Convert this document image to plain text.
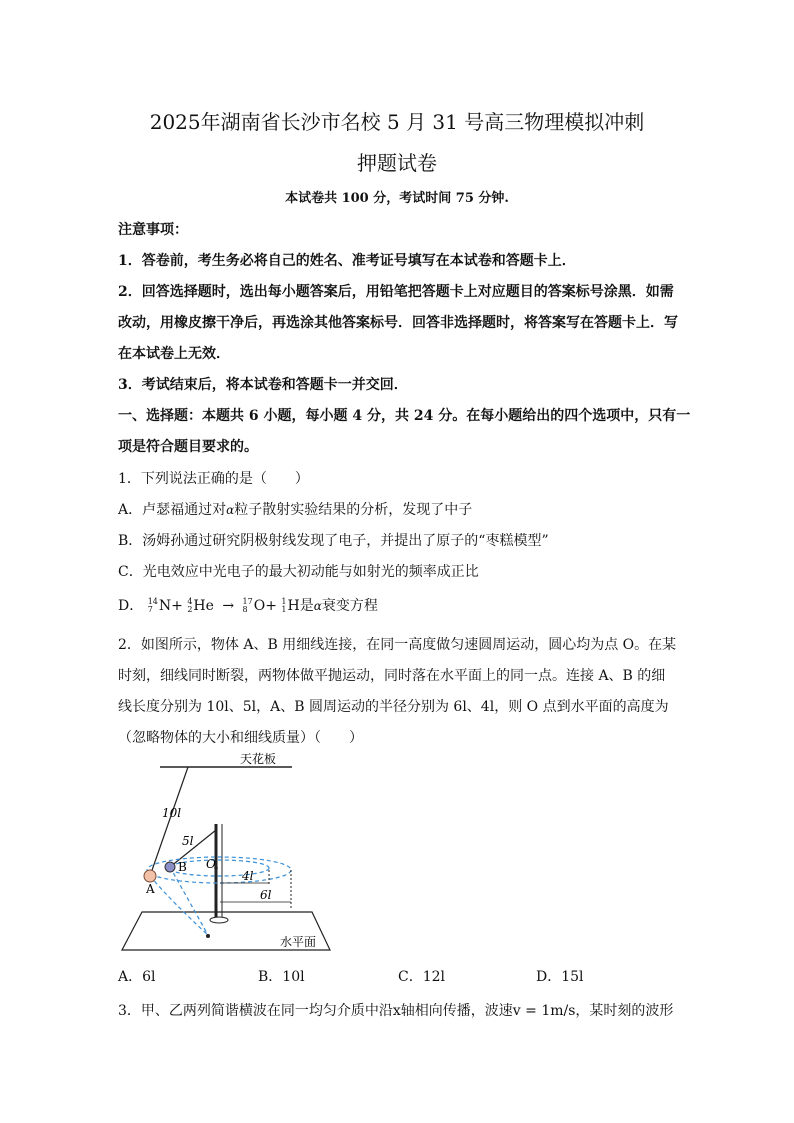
2025年湖南省长沙市名校 5 月 31 号高三物理模拟冲刺
押题试卷
本试卷共 100 分，考试时间 75 分钟.
注意事项：
1．答卷前，考生务必将自己的姓名、准考证号填写在本试卷和答题卡上．
2．回答选择题时，选出每小题答案后，用铅笔把答题卡上对应题目的答案标号涂黑．如需
改动，用橡皮擦干净后，再选涂其他答案标号．回答非选择题时，将答案写在答题卡上．写
在本试卷上无效．
3．考试结束后，将本试卷和答题卡一并交回．
一、选择题：本题共 6 小题，每小题 4 分，共 24 分。在每小题给出的四个选项中，只有一
项是符合题目要求的。
1．下列说法正确的是（　　）
A．卢瑟福通过对α粒子散射实验结果的分析，发现了中子
B．汤姆孙通过研究阴极射线发现了电子，并提出了原子的“枣糕模型”
C．光电效应中光电子的最大初动能与如射光的频率成正比
D． 14
7 N+ 4
2 He → 17
8 O+ 1
1 H是α衰变方程
2．如图所示，物体 A、B 用细线连接，在同一高度做匀速圆周运动，圆心均为点 O。在某
时刻，细线同时断裂，两物体做平抛运动，同时落在水平面上的同一点。连接 A、B 的细
线长度分别为 10l、5l，A、B 圆周运动的半径分别为 6l、4l，则 O 点到水平面的高度为
（忽略物体的大小和细线质量）（　　）
天花板
水平面
10l
5l
O
4l
6l
A
B
A．6l	B．10l	C．12l	D．15l
3．甲、乙两列简谐横波在同一均匀介质中沿x轴相向传播，波速v = 1m/s，某时刻的波形
